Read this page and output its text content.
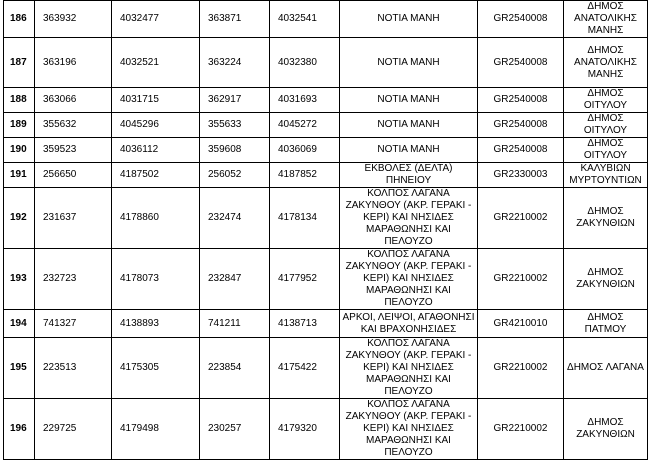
186	363932	4032477	363871	4032541	ΝΟΤΙΑ ΜΑΝΗ	GR2540008	ΔΗΜΟΣ ΑΝΑΤΟΛΙΚΗΣ ΜΑΝΗΣ
187	363196	4032521	363224	4032380	ΝΟΤΙΑ ΜΑΝΗ	GR2540008	ΔΗΜΟΣ ΑΝΑΤΟΛΙΚΗΣ ΜΑΝΗΣ
188	363066	4031715	362917	4031693	ΝΟΤΙΑ ΜΑΝΗ	GR2540008	ΔΗΜΟΣ ΟΙΤΥΛΟΥ
189	355632	4045296	355633	4045272	ΝΟΤΙΑ ΜΑΝΗ	GR2540008	ΔΗΜΟΣ ΟΙΤΥΛΟΥ
190	359523	4036112	359608	4036069	ΝΟΤΙΑ ΜΑΝΗ	GR2540008	ΔΗΜΟΣ ΟΙΤΥΛΟΥ
191	256650	4187502	256052	4187852	ΕΚΒΟΛΕΣ (ΔΕΛΤΑ) ΠΗΝΕΙΟΥ	GR2330003	ΚΑΛΥΒΙΩΝ ΜΥΡΤΟΥΝΤΙΩΝ
192	231637	4178860	232474	4178134	ΚΟΛΠΟΣ ΛΑΓΑΝΑ ΖΑΚΥΝΘΟΥ (ΑΚΡ. ΓΕΡΑΚΙ - ΚΕΡΙ) ΚΑΙ ΝΗΣΙΔΕΣ ΜΑΡΑΘΩΝΗΣΙ ΚΑΙ ΠΕΛΟΥΖΟ	GR2210002	ΔΗΜΟΣ ΖΑΚΥΝΘΙΩΝ
193	232723	4178073	232847	4177952	ΚΟΛΠΟΣ ΛΑΓΑΝΑ ΖΑΚΥΝΘΟΥ (ΑΚΡ. ΓΕΡΑΚΙ - ΚΕΡΙ) ΚΑΙ ΝΗΣΙΔΕΣ ΜΑΡΑΘΩΝΗΣΙ ΚΑΙ ΠΕΛΟΥΖΟ	GR2210002	ΔΗΜΟΣ ΖΑΚΥΝΘΙΩΝ
194	741327	4138893	741211	4138713	ΑΡΚΟΙ, ΛΕΙΨΟΙ, ΑΓΑΘΟΝΗΣΙ ΚΑΙ ΒΡΑΧΟΝΗΣΙΔΕΣ	GR4210010	ΔΗΜΟΣ ΠΑΤΜΟΥ
195	223513	4175305	223854	4175422	ΚΟΛΠΟΣ ΛΑΓΑΝΑ ΖΑΚΥΝΘΟΥ (ΑΚΡ. ΓΕΡΑΚΙ - ΚΕΡΙ) ΚΑΙ ΝΗΣΙΔΕΣ ΜΑΡΑΘΩΝΗΣΙ ΚΑΙ ΠΕΛΟΥΖΟ	GR2210002	ΔΗΜΟΣ ΛΑΓΑΝΑ
196	229725	4179498	230257	4179320	ΚΟΛΠΟΣ ΛΑΓΑΝΑ ΖΑΚΥΝΘΟΥ (ΑΚΡ. ΓΕΡΑΚΙ - ΚΕΡΙ) ΚΑΙ ΝΗΣΙΔΕΣ ΜΑΡΑΘΩΝΗΣΙ ΚΑΙ ΠΕΛΟΥΖΟ	GR2210002	ΔΗΜΟΣ ΖΑΚΥΝΘΙΩΝ
